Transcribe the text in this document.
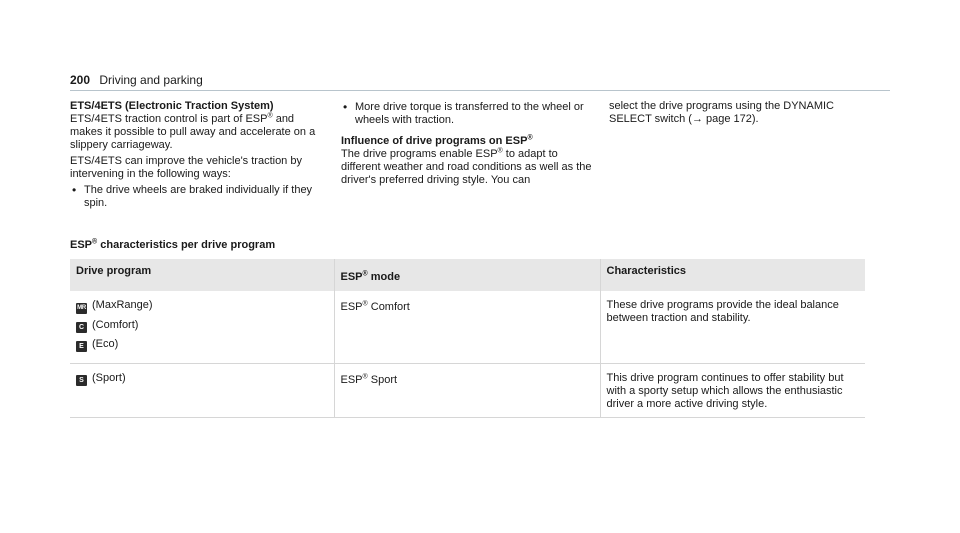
200 Driving and parking

ETS/4ETS (Electronic Traction System)

ETS/4ETS traction control is part of ESP® and makes it possible to pull away and accelerate on a slippery carriageway.

ETS/4ETS can improve the vehicle's traction by intervening in the following ways:

• The drive wheels are braked individually if they spin.
• More drive torque is transferred to the wheel or wheels with traction.

Influence of drive programs on ESP®

The drive programs enable ESP® to adapt to different weather and road conditions as well as the driver's preferred driving style. You can

select the drive programs using the DYNAMIC SELECT switch (→ page 172).

ESP® characteristics per drive program
Drive program	ESP® mode	Characteristics

MR (MaxRange)
C (Comfort)
E (Eco)	ESP® Comfort	These drive programs provide the ideal balance between traction and stability.

S (Sport)	ESP® Sport	This drive program continues to offer stability but with a sporty setup which allows the enthusiastic driver a more active driving style.
